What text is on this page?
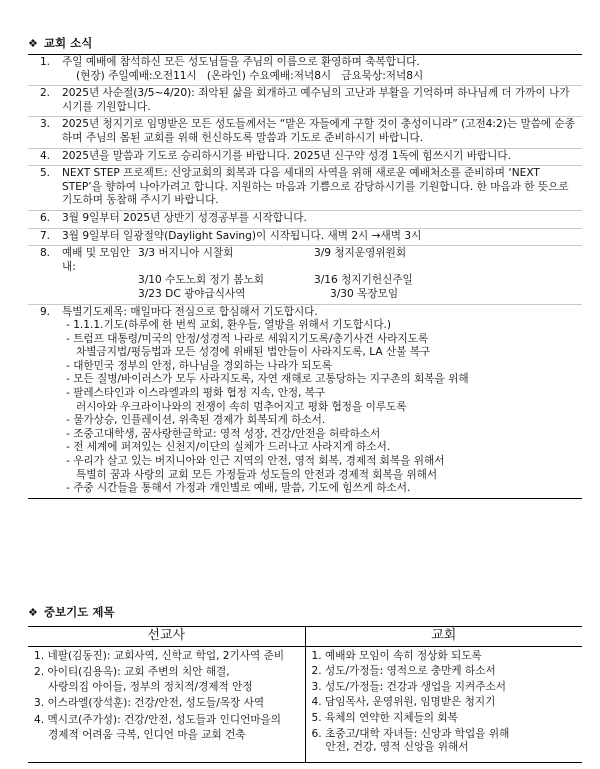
❖ 교회 소식
1.	주일 예배에 참석하신 모든 성도님들을 주님의 이름으로 환영하며 축복합니다.
(현장) 주일예배:오전11시   (온라인) 수요예배:저녁8시   금요묵상:저녁8시
2.	2025년 사순절(3/5~4/20): 죄악된 삶을 회개하고 예수님의 고난과 부활을 기억하며 하나님께 더 가까이 나가시기를 기원합니다.
3.	2025년 청지기로 임명받은 모든 성도들께서는 “맡은 자들에게 구할 것이 충성이니라” (고전4:2)는 말씀에 순종하며 주님의 몸된 교회를 위해 헌신하도록 말씀과 기도로 준비하시기 바랍니다.
4.	2025년을 말씀과 기도로 승리하시기를 바랍니다. 2025년 신구약 성경 1독에 힘쓰시기 바랍니다.
5.	NEXT STEP 프로젝트: 신앙교회의 회복과 다음 세대의 사역을 위해 새로운 예배처소를 준비하며 ‘NEXT STEP’을 향하여 나아가려고 합니다. 지원하는 마음과 기쁨으로 감당하시기를 기원합니다. 한 마음과 한 뜻으로 기도하며 동참해 주시기 바랍니다.
6.	3월 9일부터 2025년 상반기 성경공부를 시작합니다.
7.	3월 9일부터 일광절약(Daylight Saving)이 시작됩니다. 새벽 2시 →새벽 3시
8.	예배 및 모임안내:
3/3 버지니아 시찰회	3/9 청지운영위원회
3/10 수도노회 정기 봄노회	3/16 청지기헌신주일
3/23 DC 광야급식사역	3/30 목장모임
9.	특별기도제목: 매일마다 전심으로 합심해서 기도합시다.
- 1.1.1.기도(하루에 한 번씩 교회, 환우들, 열방을 위해서 기도합시다.)
- 트럼프 대통령/미국의 안정/성경적 나라로 세워지기도록/총기사건 사라지도록
차별금지법/평등법과 모든 성경에 위배된 법안들이 사라지도록, LA 산불 복구
- 대한민국 정부의 안정, 하나님을 경외하는 나라가 되도록
- 모든 질병/바이러스가 모두 사라지도록, 자연 재해로 고통당하는 지구촌의 회복을 위해
- 팔레스타인과 이스라엘과의 평화 협정 지속, 안정, 복구
러시아와 우크라이나와의 전쟁이 속히 멈추어지고 평화 협정을 이루도록
- 물가상승, 인플레이션, 위축된 경제가 회복되게 하소서.
- 조중고대학생, 꿈사랑한글학교: 영적 성장, 건강/안전을 허락하소서
- 전 세계에 퍼져있는 신천지/이단의 실체가 드러나고 사라지게 하소서.
- 우리가 살고 있는 버지니아와 인근 지역의 안전, 영적 회복, 경제적 회복을 위해서
특별히 꿈과 사랑의 교회 모든 가정들과 성도들의 안전과 경제적 회복을 위해서
- 주중 시간들을 통해서 가정과 개인별로 예배, 말씀, 기도에 힘쓰게 하소서.
❖ 중보기도 제목
선교사	교회
1. 네팔(김동진): 교회사역, 신학교 학업, 2기사역 준비
2. 아이티(김용옥): 교회 주변의 치안 해결,
사랑의집 아이들, 정부의 정치적/경제적 안정
3. 이스라엘(장석훈): 건강/안전, 성도들/목장 사역
4. 멕시코(주가성): 건강/안전, 성도들과 인디언마을의
경제적 어려움 극복, 인디언 마을 교회 건축
1. 예배와 모임이 속히 정상화 되도록
2. 성도/가정들: 영적으로 충만케 하소서
3. 성도/가정들: 건강과 생업을 지켜주소서
4. 담임목사, 운영위원, 임명받은 청지기
5. 육체의 연약한 지체들의 회복
6. 초중고/대학 자녀들: 신앙과 학업을 위해
안전, 건강, 영적 신앙을 위해서
